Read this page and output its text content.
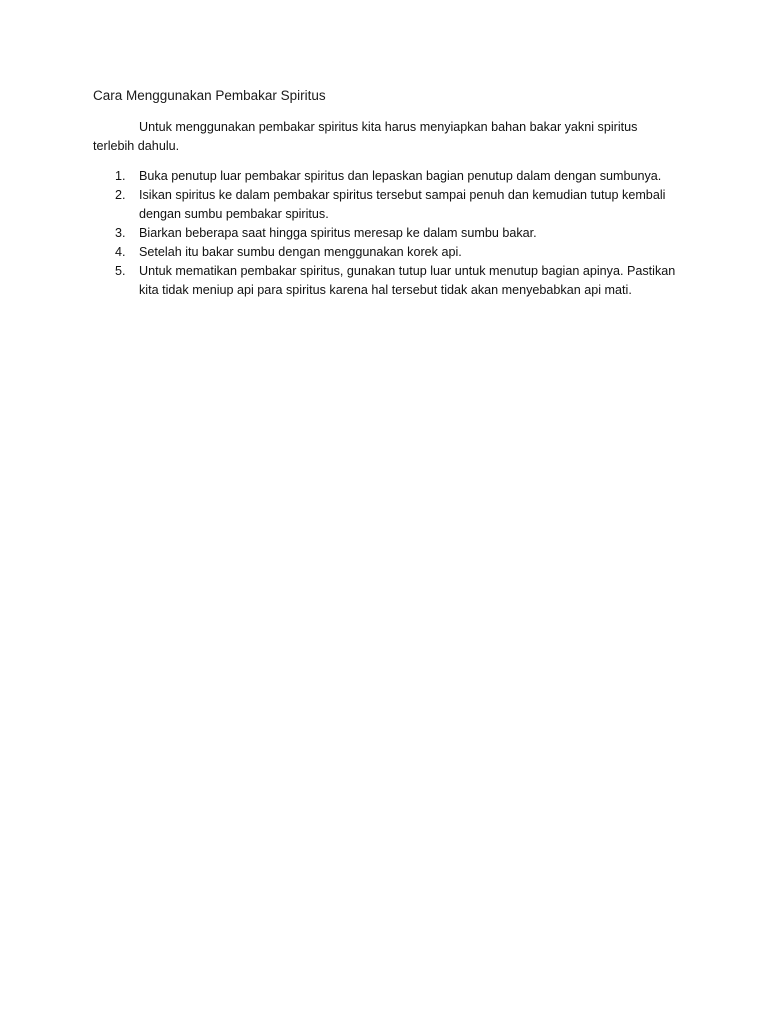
Cara Menggunakan Pembakar Spiritus
Untuk menggunakan pembakar spiritus kita harus menyiapkan bahan bakar yakni spiritus
terlebih dahulu.
1.	Buka penutup luar pembakar spiritus dan lepaskan bagian penutup dalam dengan sumbunya.
2.	Isikan spiritus ke dalam pembakar spiritus tersebut sampai penuh dan kemudian tutup kembali dengan sumbu pembakar spiritus.
3.	Biarkan beberapa saat hingga spiritus meresap ke dalam sumbu bakar.
4.	Setelah itu bakar sumbu dengan menggunakan korek api.
5.	Untuk mematikan pembakar spiritus, gunakan tutup luar untuk menutup bagian apinya. Pastikan kita tidak meniup api para spiritus karena hal tersebut tidak akan menyebabkan api mati.
